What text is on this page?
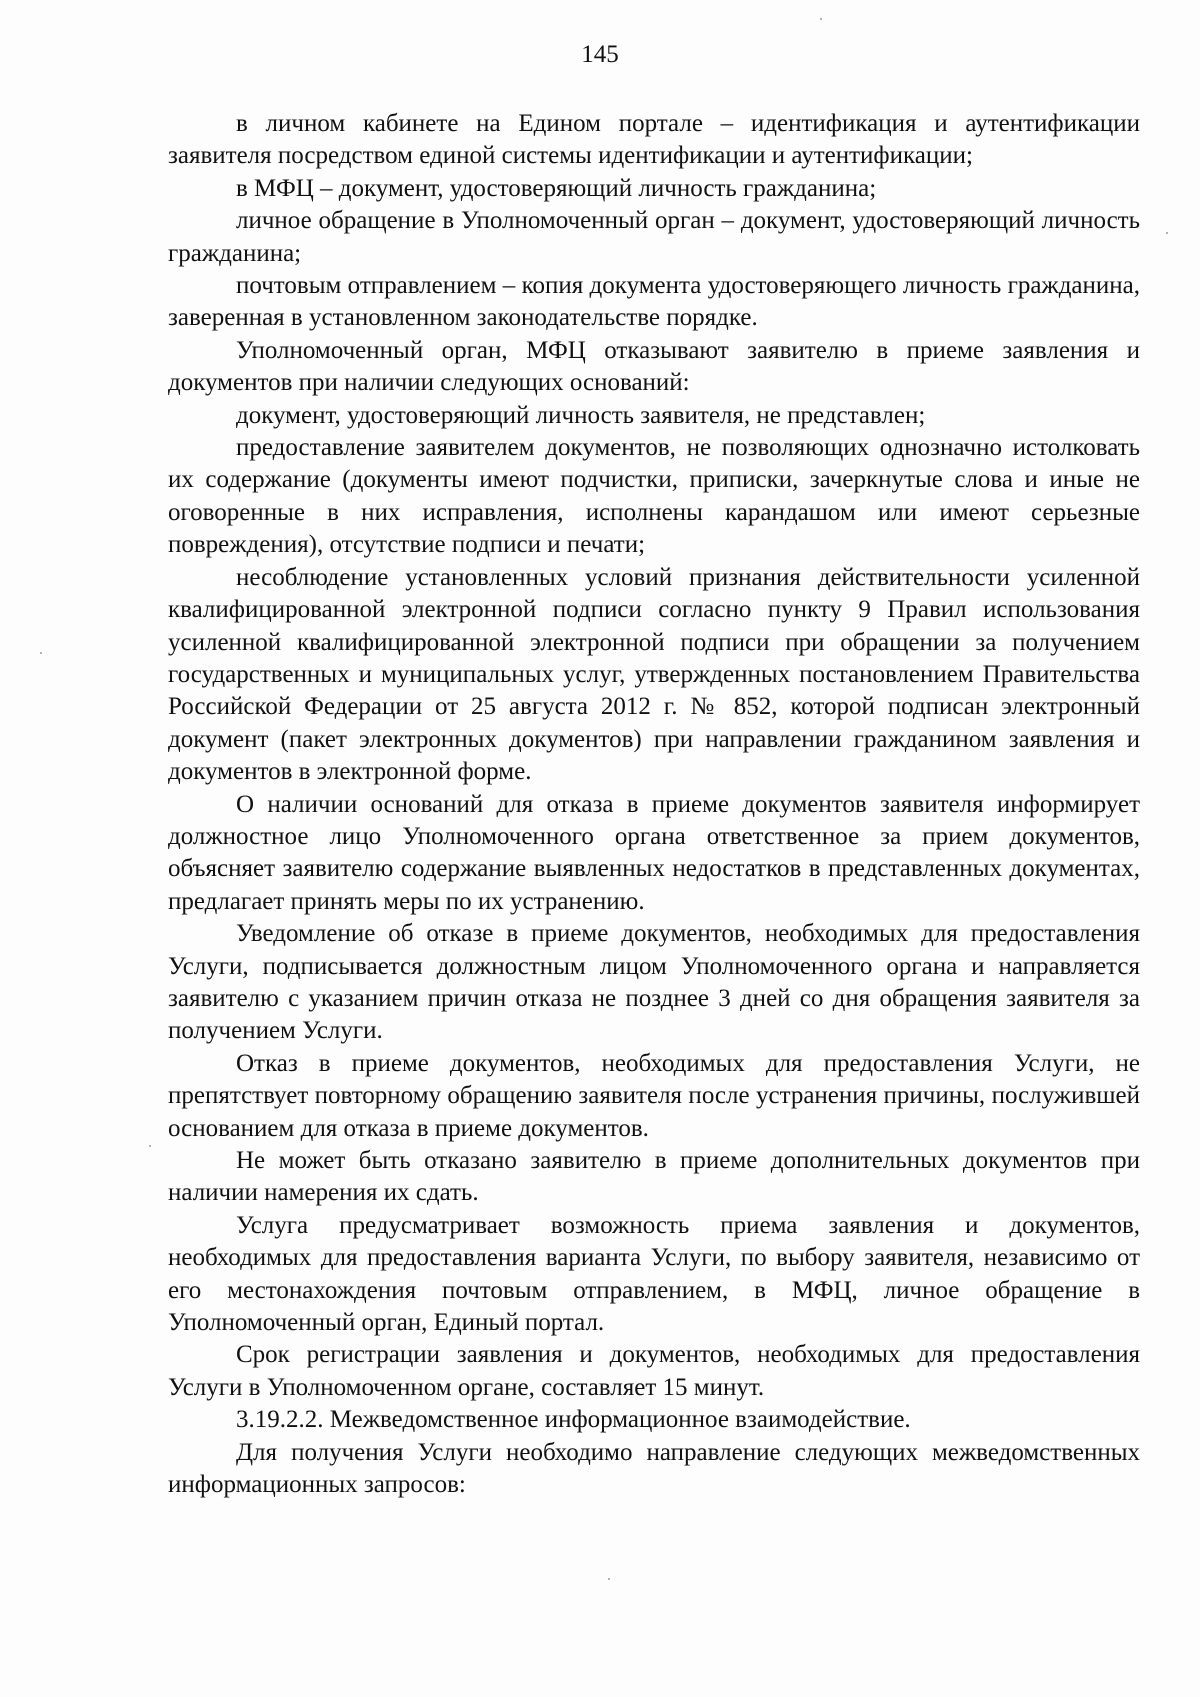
145

в личном кабинете на Едином портале – идентификация и аутентификации заявителя посредством единой системы идентификации и аутентификации;

в МФЦ – документ, удостоверяющий личность гражданина;

личное обращение в Уполномоченный орган – документ, удостоверяющий личность гражданина;

почтовым отправлением – копия документа удостоверяющего личность гражданина, заверенная в установленном законодательстве порядке.

Уполномоченный орган, МФЦ отказывают заявителю в приеме заявления и документов при наличии следующих оснований:

документ, удостоверяющий личность заявителя, не представлен;

предоставление заявителем документов, не позволяющих однозначно истолковать их содержание (документы имеют подчистки, приписки, зачеркнутые слова и иные не оговоренные в них исправления, исполнены карандашом или имеют серьезные повреждения), отсутствие подписи и печати;

несоблюдение установленных условий признания действительности усиленной квалифицированной электронной подписи согласно пункту 9 Правил использования усиленной квалифицированной электронной подписи при обращении за получением государственных и муниципальных услуг, утвержденных постановлением Правительства Российской Федерации от 25 августа 2012 г. № 852, которой подписан электронный документ (пакет электронных документов) при направлении гражданином заявления и документов в электронной форме.

О наличии оснований для отказа в приеме документов заявителя информирует должностное лицо Уполномоченного органа ответственное за прием документов, объясняет заявителю содержание выявленных недостатков в представленных документах, предлагает принять меры по их устранению.

Уведомление об отказе в приеме документов, необходимых для предоставления Услуги, подписывается должностным лицом Уполномоченного органа и направляется заявителю с указанием причин отказа не позднее 3 дней со дня обращения заявителя за получением Услуги.

Отказ в приеме документов, необходимых для предоставления Услуги, не препятствует повторному обращению заявителя после устранения причины, послужившей основанием для отказа в приеме документов.

Не может быть отказано заявителю в приеме дополнительных документов при наличии намерения их сдать.

Услуга предусматривает возможность приема заявления и документов, необходимых для предоставления варианта Услуги, по выбору заявителя, независимо от его местонахождения почтовым отправлением, в МФЦ, личное обращение в Уполномоченный орган, Единый портал.

Срок регистрации заявления и документов, необходимых для предоставления Услуги в Уполномоченном органе, составляет 15 минут.

3.19.2.2. Межведомственное информационное взаимодействие.

Для получения Услуги необходимо направление следующих межведомственных информационных запросов:
